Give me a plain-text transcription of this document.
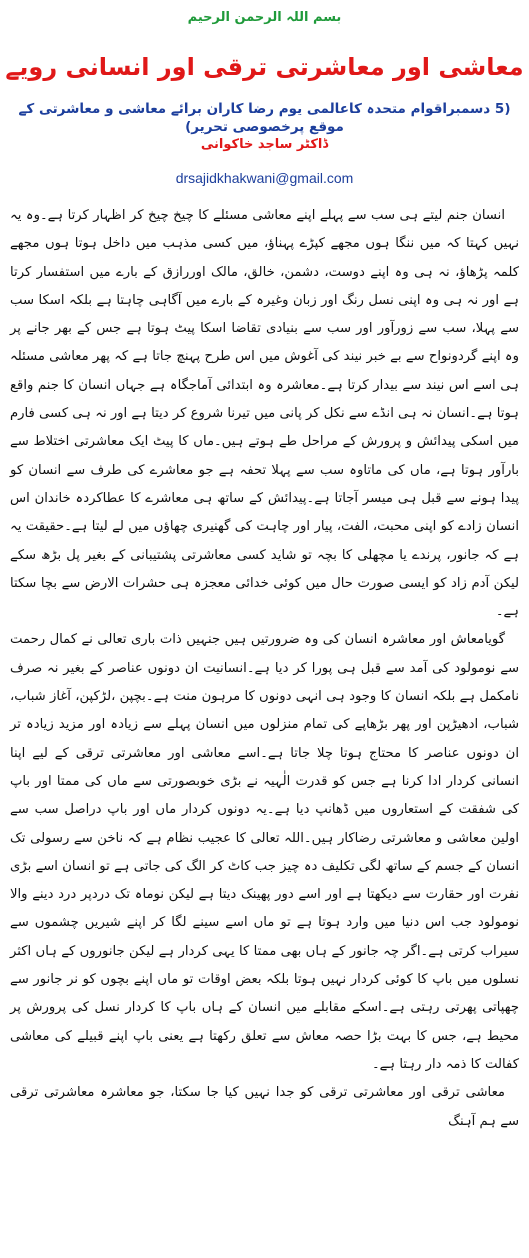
بسم اللہ الرحمن الرحیم
معاشی اور معاشرتی ترقی اور انسانی رویے
(5 دسمبراقوام متحدہ کاعالمی یوم رضا کاران برائے معاشی و معاشرتی کے موقع پرخصوصی تحریر)
ڈاکٹر ساجد خاکوانی
drsajidkhakwani@gmail.com

انسان جنم لیتے ہی سب سے پہلے اپنے معاشی مسئلے کا چیخ چیخ کر اظہار کرتا ہے۔وہ یہ نہیں کہتا کہ میں ننگا ہوں مجھے کپڑے پہناؤ، میں کسی مذہب میں داخل ہوتا ہوں مجھے کلمہ پڑھاؤ، نہ ہی وہ اپنے دوست، دشمن، خالق، مالک اوررازق کے بارے میں استفسار کرتا ہے اور نہ ہی وہ اپنی نسل رنگ اور زبان وغیرہ کے بارے میں آگاہی چاہتا ہے بلکہ اسکا سب سے پہلا، سب سے زورآور اور سب سے بنیادی تقاضا اسکا پیٹ ہوتا ہے جس کے بھر جانے پر وہ اپنے گردونواح سے بے خبر نیند کی آغوش میں اس طرح پہنچ جاتا ہے کہ پھر معاشی مسئلہ ہی اسے اس نیند سے بیدار کرتا ہے۔معاشرہ وہ ابتدائی آماجگاہ ہے جہاں انسان کا جنم واقع ہوتا ہے۔انسان نہ ہی انڈے سے نکل کر پانی میں تیرنا شروع کر دیتا ہے اور نہ ہی کسی فارم میں اسکی پیدائش و پرورش کے مراحل طے ہوتے ہیں۔ماں کا پیٹ ایک معاشرتی اختلاط سے بارآور ہوتا ہے، ماں کی ماتاوہ سب سے پہلا تحفہ ہے جو معاشرے کی طرف سے انسان کو پیدا ہونے سے قبل ہی میسر آجاتا ہے۔پیدائش کے ساتھ ہی معاشرے کا عطاکردہ خاندان اس انسان زادے کو اپنی محبت، الفت، پیار اور چاہت کی گھنیری چھاؤں میں لے لیتا ہے۔حقیقت یہ ہے کہ جانور، پرندے یا مچھلی کا بچہ تو شاید کسی معاشرتی پشتیبانی کے بغیر پل بڑھ سکے لیکن آدم زاد کو ایسی صورت حال میں کوئی خدائی معجزہ ہی حشرات الارض سے بچا سکتا ہے۔

گویامعاش اور معاشرہ انسان کی وہ ضرورتیں ہیں جنہیں ذات باری تعالی نے کمال رحمت سے نومولود کی آمد سے قبل ہی پورا کر دیا ہے۔انسانیت ان دونوں عناصر کے بغیر نہ صرف نامکمل ہے بلکہ انسان کا وجود ہی انہی دونوں کا مرہون منت ہے۔بچپن ،لڑکپن، آغاز شباب، شباب، ادھیڑپن اور پھر بڑھاپے کی تمام منزلوں میں انسان پہلے سے زیادہ اور مزید زیادہ تر ان دونوں عناصر کا محتاج ہوتا چلا جاتا ہے۔اسے معاشی اور معاشرتی ترقی کے لیے اپنا انسانی کردار ادا کرنا ہے جس کو قدرت الٰہیہ نے بڑی خوبصورتی سے ماں کی ممتا اور باپ کی شفقت کے استعاروں میں ڈھانپ دیا ہے۔یہ دونوں کردار ماں اور باپ دراصل سب سے اولین معاشی و معاشرتی رضاکار ہیں۔اللہ تعالی کا عجیب نظام ہے کہ ناخن سے رسولی تک انسان کے جسم کے ساتھ لگی تکلیف دہ چیز جب کاٹ کر الگ کی جاتی ہے تو انسان اسے بڑی نفرت اور حقارت سے دیکھتا ہے اور اسے دور پھینک دیتا ہے لیکن نوماہ تک دردپر درد دینے والا نومولود جب اس دنیا میں وارد ہوتا ہے تو ماں اسے سینے لگا کر اپنے شیریں چشموں سے سیراب کرتی ہے۔اگر چہ جانور کے ہاں بھی ممتا کا یہی کردار ہے لیکن جانوروں کے ہاں اکثر نسلوں میں باپ کا کوئی کردار نہیں ہوتا بلکہ بعض اوقات تو ماں اپنے بچوں کو نر جانور سے چھپاتی پھرتی رہتی ہے۔اسکے مقابلے میں انسان کے ہاں باپ کا کردار نسل کی پرورش پر محیط ہے، جس کا بہت بڑا حصہ معاش سے تعلق رکھتا ہے یعنی باپ اپنے قبیلے کی معاشی کفالت کا ذمہ دار رہتا ہے۔

معاشی ترقی اور معاشرتی ترقی کو جدا نہیں کیا جا سکتا، جو معاشرہ معاشرتی ترقی سے ہم آہنگ
